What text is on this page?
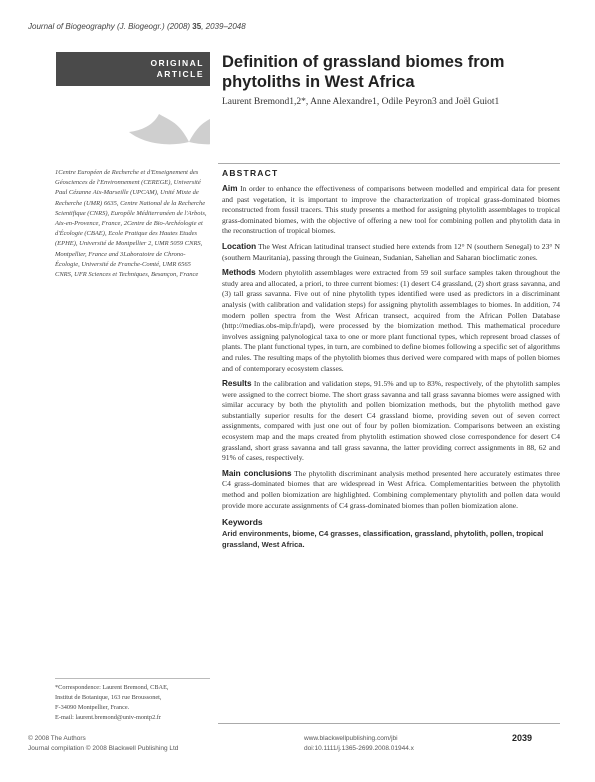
Journal of Biogeography (J. Biogeogr.) (2008) 35, 2039–2048
ORIGINAL
ARTICLE
Definition of grassland biomes from phytoliths in West Africa
Laurent Bremond1,2*, Anne Alexandre1, Odile Peyron3 and Joël Guiot1
1Centre Européen de Recherche et d'Enseignement des Géosciences de l'Environnement (CEREGE), Université Paul Cézanne Aix-Marseille (UPCAM), Unité Mixte de Recherche (UMR) 6635, Centre National de la Recherche Scientifique (CNRS), Europôle Méditerranéen de l'Arbois, Aix-en-Provence, France, 2Centre de Bio-Archéologie et d'Écologie (CBAE), Ecole Pratique des Hautes Etudes (EPHE), Université de Montpellier 2, UMR 5059 CNRS, Montpellier, France and 3Laboratoire de Chrono-Écologie, Université de Franche-Comté, UMR 6565 CNRS, UFR Sciences et Techniques, Besançon, France
*Correspondence: Laurent Bremond, CBAE,
Institut de Botanique, 163 rue Broussonet,
F-34090 Montpellier, France.
E-mail: laurent.bremond@univ-montp2.fr
ABSTRACT

Aim In order to enhance the effectiveness of comparisons between modelled and empirical data for present and past vegetation, it is important to improve the characterization of tropical grass-dominated biomes reconstructed from fossil tracers. This study presents a method for assigning phytolith assemblages to tropical grass-dominated biomes, with the objective of offering a new tool for combining pollen and phytolith data in the reconstruction of tropical biomes.

Location The West African latitudinal transect studied here extends from 12° N (southern Senegal) to 23° N (southern Mauritania), passing through the Guinean, Sudanian, Sahelian and Saharan bioclimatic zones.

Methods Modern phytolith assemblages were extracted from 59 soil surface samples taken throughout the study area and allocated, a priori, to three current biomes: (1) desert C4 grassland, (2) short grass savanna, and (3) tall grass savanna. Five out of nine phytolith types identified were used as predictors in a discriminant analysis (with calibration and validation steps) for assigning phytolith assemblages to biomes. In addition, 74 modern pollen spectra from the West African transect, acquired from the African Pollen Database (http://medias.obs-mip.fr/apd), were processed by the biomization method. This mathematical procedure involves assigning palynological taxa to one or more plant functional types, which represent broad classes of plants. The plant functional types, in turn, are combined to define biomes following a specific set of algorithms and rules. The resulting maps of the phytolith biomes thus derived were compared with maps of pollen biomes and of contemporary ecosystem classes.

Results In the calibration and validation steps, 91.5% and up to 83%, respectively, of the phytolith samples were assigned to the correct biome. The short grass savanna and tall grass savanna biomes were assigned with similar accuracy by both the phytolith and pollen biomization methods, but the phytolith method gave substantially superior results for the desert C4 grassland biome, providing seven out of seven correct assignments, compared with just one out of four by pollen biomization. Comparisons between an existing ecosystem map and the maps created from phytolith estimation showed close correspondence for desert C4 grassland, short grass savanna and tall grass savanna, the latter providing correct assignments in 88, 62 and 91% of cases, respectively.

Main conclusions The phytolith discriminant analysis method presented here accurately estimates three C4 grass-dominated biomes that are widespread in West Africa. Complementarities between the phytolith method and pollen biomization are highlighted. Combining complementary phytolith and pollen data would provide more accurate assignments of C4 grass-dominated biomes than pollen biomization alone.

Keywords
Arid environments, biome, C4 grasses, classification, grassland, phytolith, pollen, tropical grassland, West Africa.
© 2008 The Authors
Journal compilation © 2008 Blackwell Publishing Ltd
www.blackwellpublishing.com/jbi
doi:10.1111/j.1365-2699.2008.01944.x
2039
